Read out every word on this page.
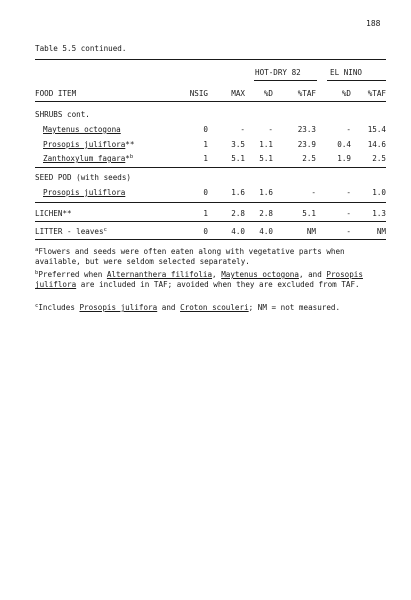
188
Table 5.5 continued.
HOT-DRY 82	EL NINO
FOOD ITEM	NSIG	MAX %D	%TAF	%D %TAF
SHRUBS cont.
Maytenus octogona	0	-	-	23.3	- 15.4
Prosopis juliflora**	1	3.5 1.1	23.9	0.4 14.6
Zanthoxylum fagara*$^b$	1	5.1 5.1	2.5	1.9	2.5
SEED POD (with seeds)
Prosopis juliflora	0	1.6 1.6	-	-	1.0
LICHEN**	1	2.8 2.8	5.1	-	1.3
LITTER - leaves$^c$	0	4.0 4.0	NM	-	NM
$^a$Flowers and seeds were often eaten along with vegetative parts when available, but were seldom selected separately.
$^b$Preferred when Alternanthera filifolia, Maytenus octogona, and Prosopis juliflora are included in TAF; avoided when they are excluded from TAF.
$^c$Includes Prosopis julifora and Croton scouleri; NM = not measured.
